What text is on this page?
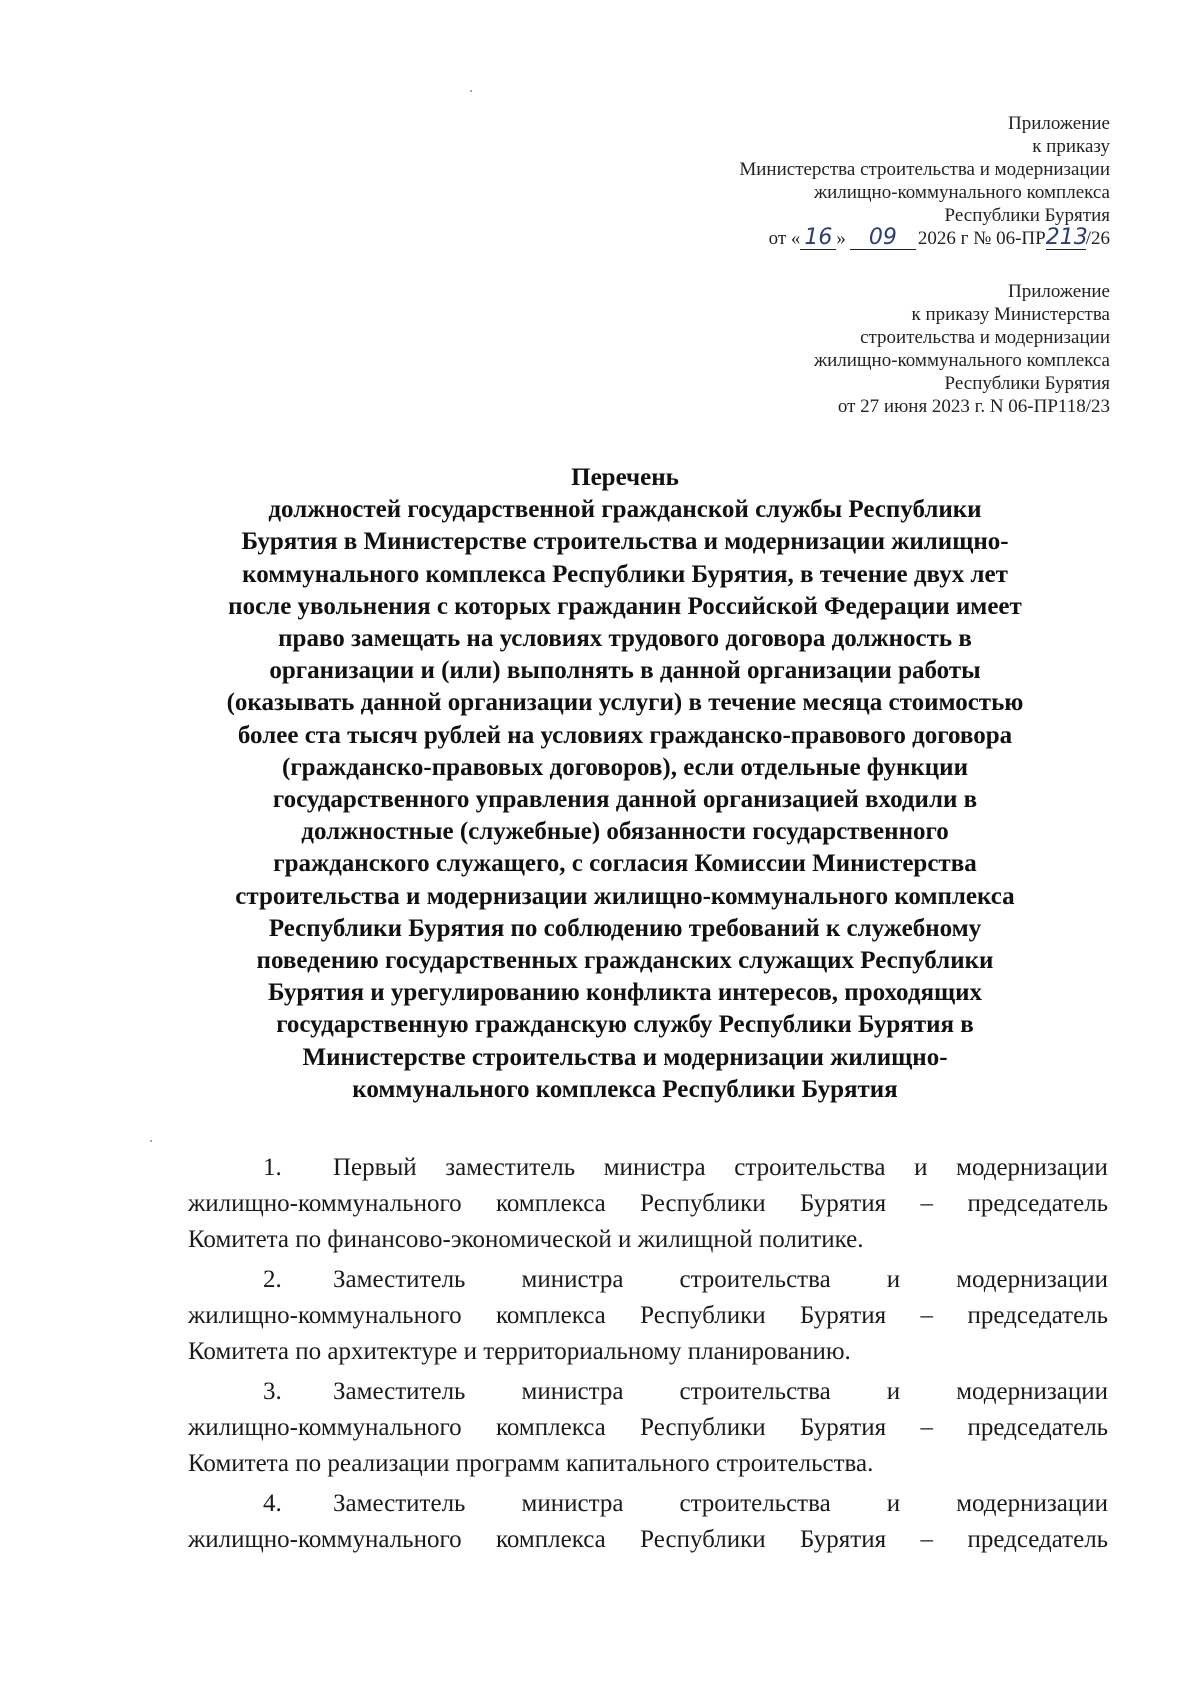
Приложение
к приказу
Министерства строительства и модернизации
жилищно-коммунального комплекса
Республики Бурятия
от « 16 » 09 2026 г № 06-ПР213/26
Приложение
к приказу Министерства
строительства и модернизации
жилищно-коммунального комплекса
Республики Бурятия
от 27 июня 2023 г. N 06-ПР118/23
Перечень
должностей государственной гражданской службы Республики
Бурятия в Министерстве строительства и модернизации жилищно-
коммунального комплекса Республики Бурятия, в течение двух лет
после увольнения с которых гражданин Российской Федерации имеет
право замещать на условиях трудового договора должность в
организации и (или) выполнять в данной организации работы
(оказывать данной организации услуги) в течение месяца стоимостью
более ста тысяч рублей на условиях гражданско-правового договора
(гражданско-правовых договоров), если отдельные функции
государственного управления данной организацией входили в
должностные (служебные) обязанности государственного
гражданского служащего, с согласия Комиссии Министерства
строительства и модернизации жилищно-коммунального комплекса
Республики Бурятия по соблюдению требований к служебному
поведению государственных гражданских служащих Республики
Бурятия и урегулированию конфликта интересов, проходящих
государственную гражданскую службу Республики Бурятия в
Министерстве строительства и модернизации жилищно-
коммунального комплекса Республики Бурятия
1.	Первый заместитель министра строительства и модернизации
жилищно-коммунального комплекса Республики Бурятия – председатель
Комитета по финансово-экономической и жилищной политике.
2.	Заместитель министра строительства и модернизации
жилищно-коммунального комплекса Республики Бурятия – председатель
Комитета по архитектуре и территориальному планированию.
3.	Заместитель министра строительства и модернизации
жилищно-коммунального комплекса Республики Бурятия – председатель
Комитета по реализации программ капитального строительства.
4.	Заместитель министра строительства и модернизации
жилищно-коммунального комплекса Республики Бурятия – председатель
